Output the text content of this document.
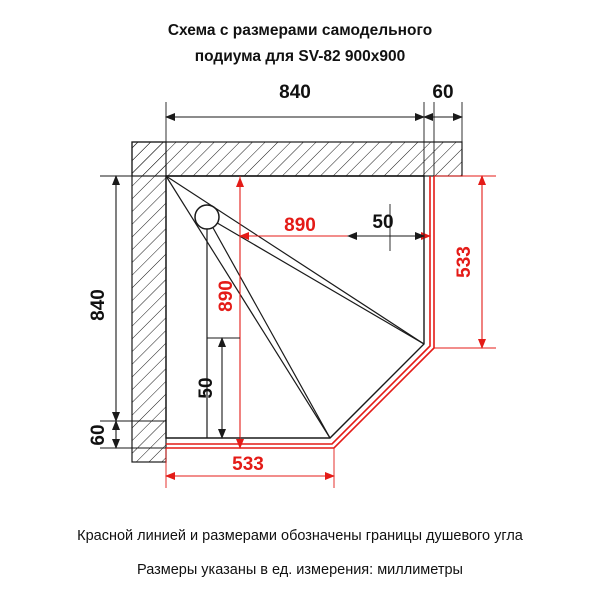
Схема с размерами самодельного
подиума для SV-82 900x900
840	60
840
60
533
533
890
890
50
50
Красной линией и размерами обозначены границы душевого угла
Размеры указаны в ед. измерения: миллиметры
